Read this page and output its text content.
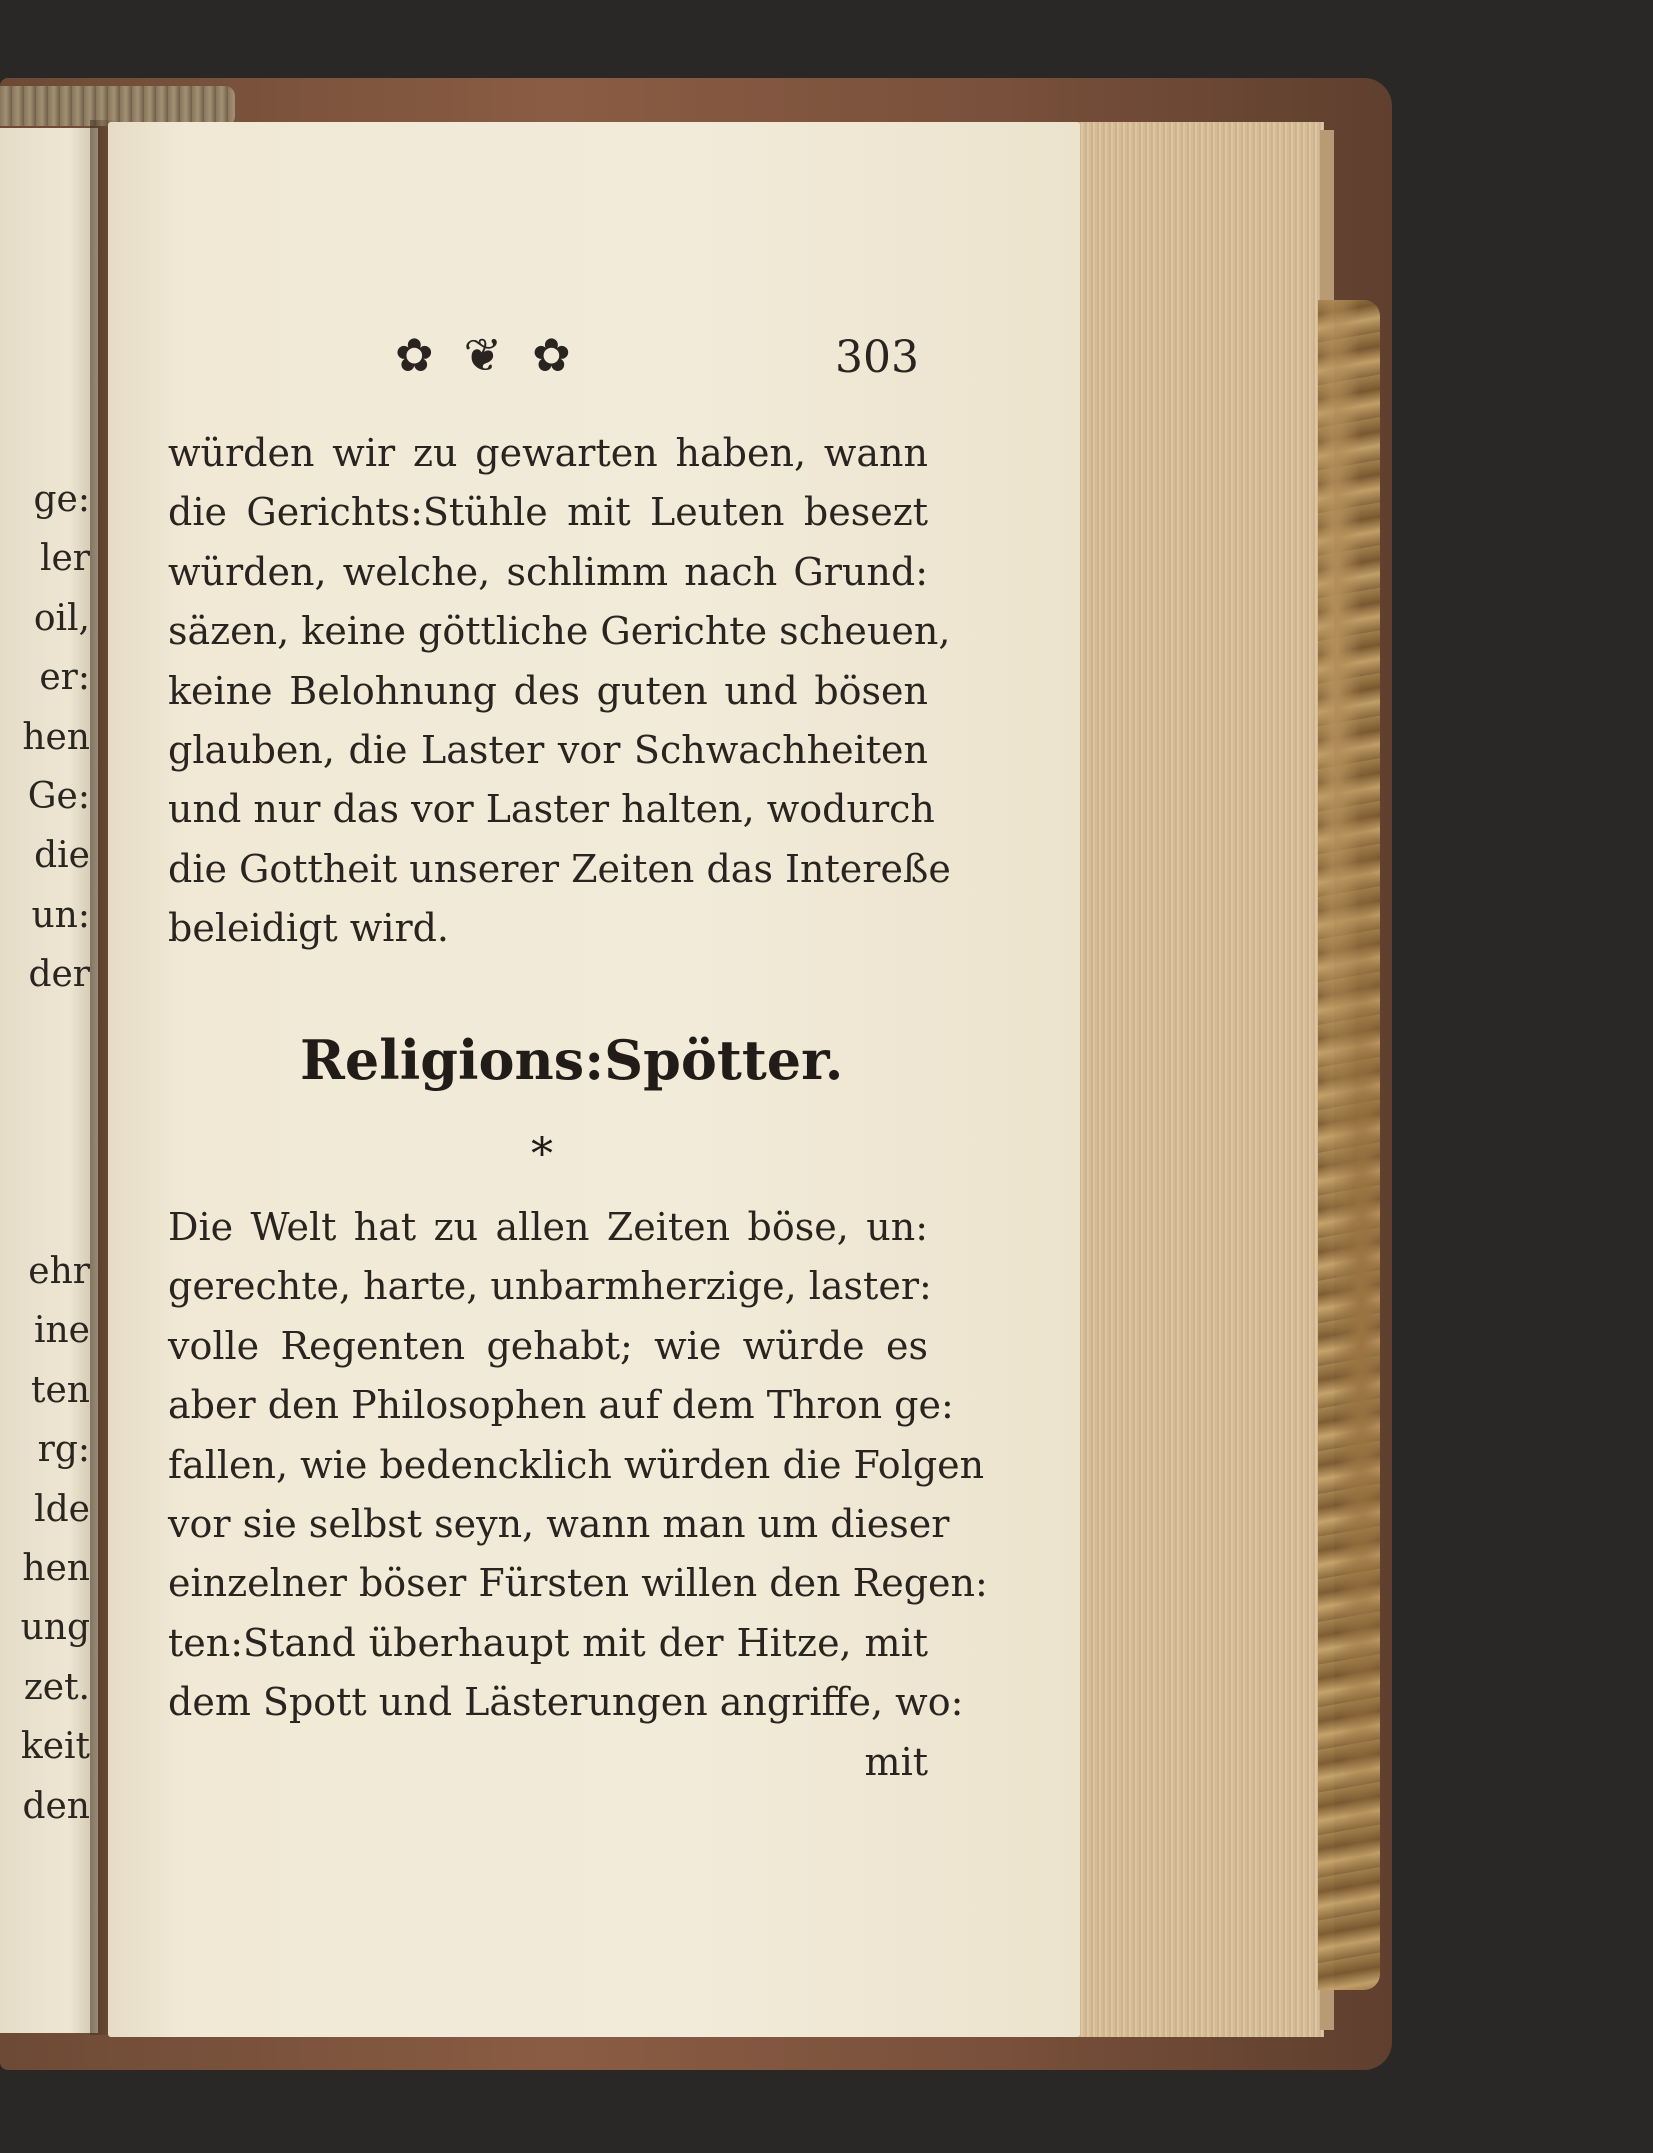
ge:
ler
oil,
er:
hen
Ge:
die
un:
der
ehr
ine
ten
rg:
lde
hen
ung
zet.
keit
den
✿ ❦ ✿	303
würden wir zu gewarten haben, wann
die Gerichts:Stühle mit Leuten besezt
würden, welche, schlimm nach Grund:
säzen, keine göttliche Gerichte scheuen,
keine Belohnung des guten und bösen
glauben, die Laster vor Schwachheiten
und nur das vor Laster halten, wodurch
die Gottheit unserer Zeiten das Intereße
beleidigt wird.
Religions:Spötter.
*
Die Welt hat zu allen Zeiten böse, un:
gerechte, harte, unbarmherzige, laster:
volle Regenten gehabt; wie würde es
aber den Philosophen auf dem Thron ge:
fallen, wie bedencklich würden die Folgen
vor sie selbst seyn, wann man um dieser
einzelner böser Fürsten willen den Regen:
ten:Stand überhaupt mit der Hitze, mit
dem Spott und Lästerungen angriffe, wo:
mit
